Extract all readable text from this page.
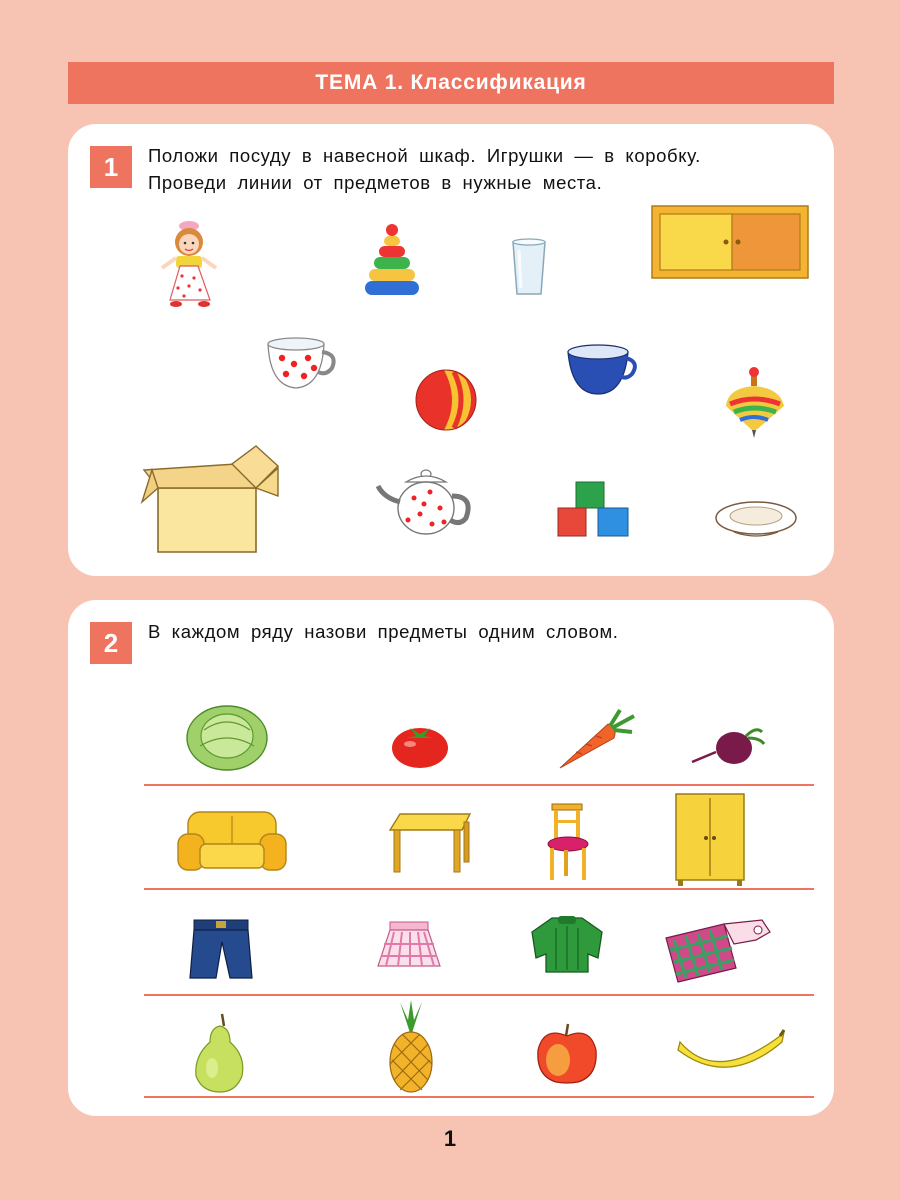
ТЕМА 1. Классификация
1	Положи посуду в навесной шкаф. Игрушки — в коробку.
Проведи линии от предметов в нужные места.
2	В каждом ряду назови предметы одним словом.
1
